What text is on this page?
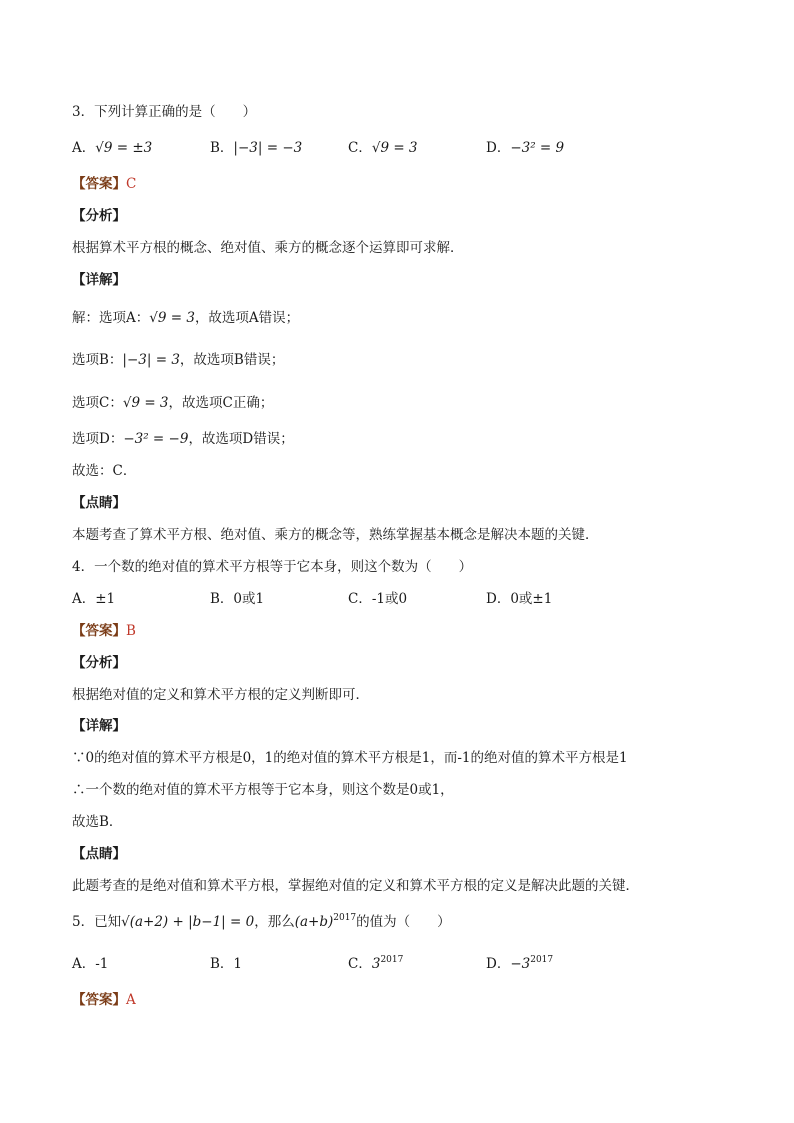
3．下列计算正确的是（　　）
A．√9 = ±3	B．|−3| = −3	C．√9 = 3	D．−3² = 9
【答案】C
【分析】
根据算术平方根的概念、绝对值、乘方的概念逐个运算即可求解．
【详解】
解：选项A：√9 = 3，故选项A错误；
选项B：|−3| = 3，故选项B错误；
选项C：√9 = 3，故选项C正确；
选项D：−3² = −9，故选项D错误；
故选：C．
【点睛】
本题考查了算术平方根、绝对值、乘方的概念等，熟练掌握基本概念是解决本题的关键．
4．一个数的绝对值的算术平方根等于它本身，则这个数为（　　）
A．±1	B．0或1	C．-1或0	D．0或±1
【答案】B
【分析】
根据绝对值的定义和算术平方根的定义判断即可．
【详解】
∵0的绝对值的算术平方根是0，1的绝对值的算术平方根是1，而-1的绝对值的算术平方根是1
∴一个数的绝对值的算术平方根等于它本身，则这个数是0或1，
故选B．
【点睛】
此题考查的是绝对值和算术平方根，掌握绝对值的定义和算术平方根的定义是解决此题的关键．
5．已知√(a+2) + |b−1| = 0，那么$(a+b)^{2017}$的值为（　　）
A．-1	B．1	C．$3^{2017}$	D．$-3^{2017}$
【答案】A
